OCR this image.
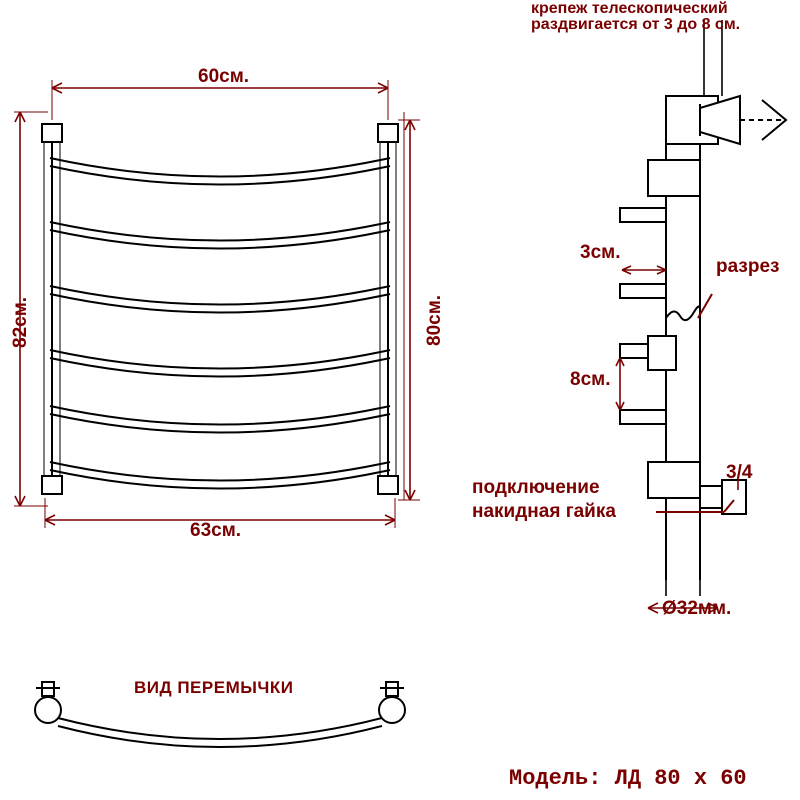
60см.
63см.
82см.	80см.
крепеж телескопический
раздвигается от 3 до 8 см.
3см.
8см.
разрез
подключение
накидная гайка
3/4
Ø32мм.
ВИД ПЕРЕМЫЧКИ
Модель: ЛД 80 x 60
